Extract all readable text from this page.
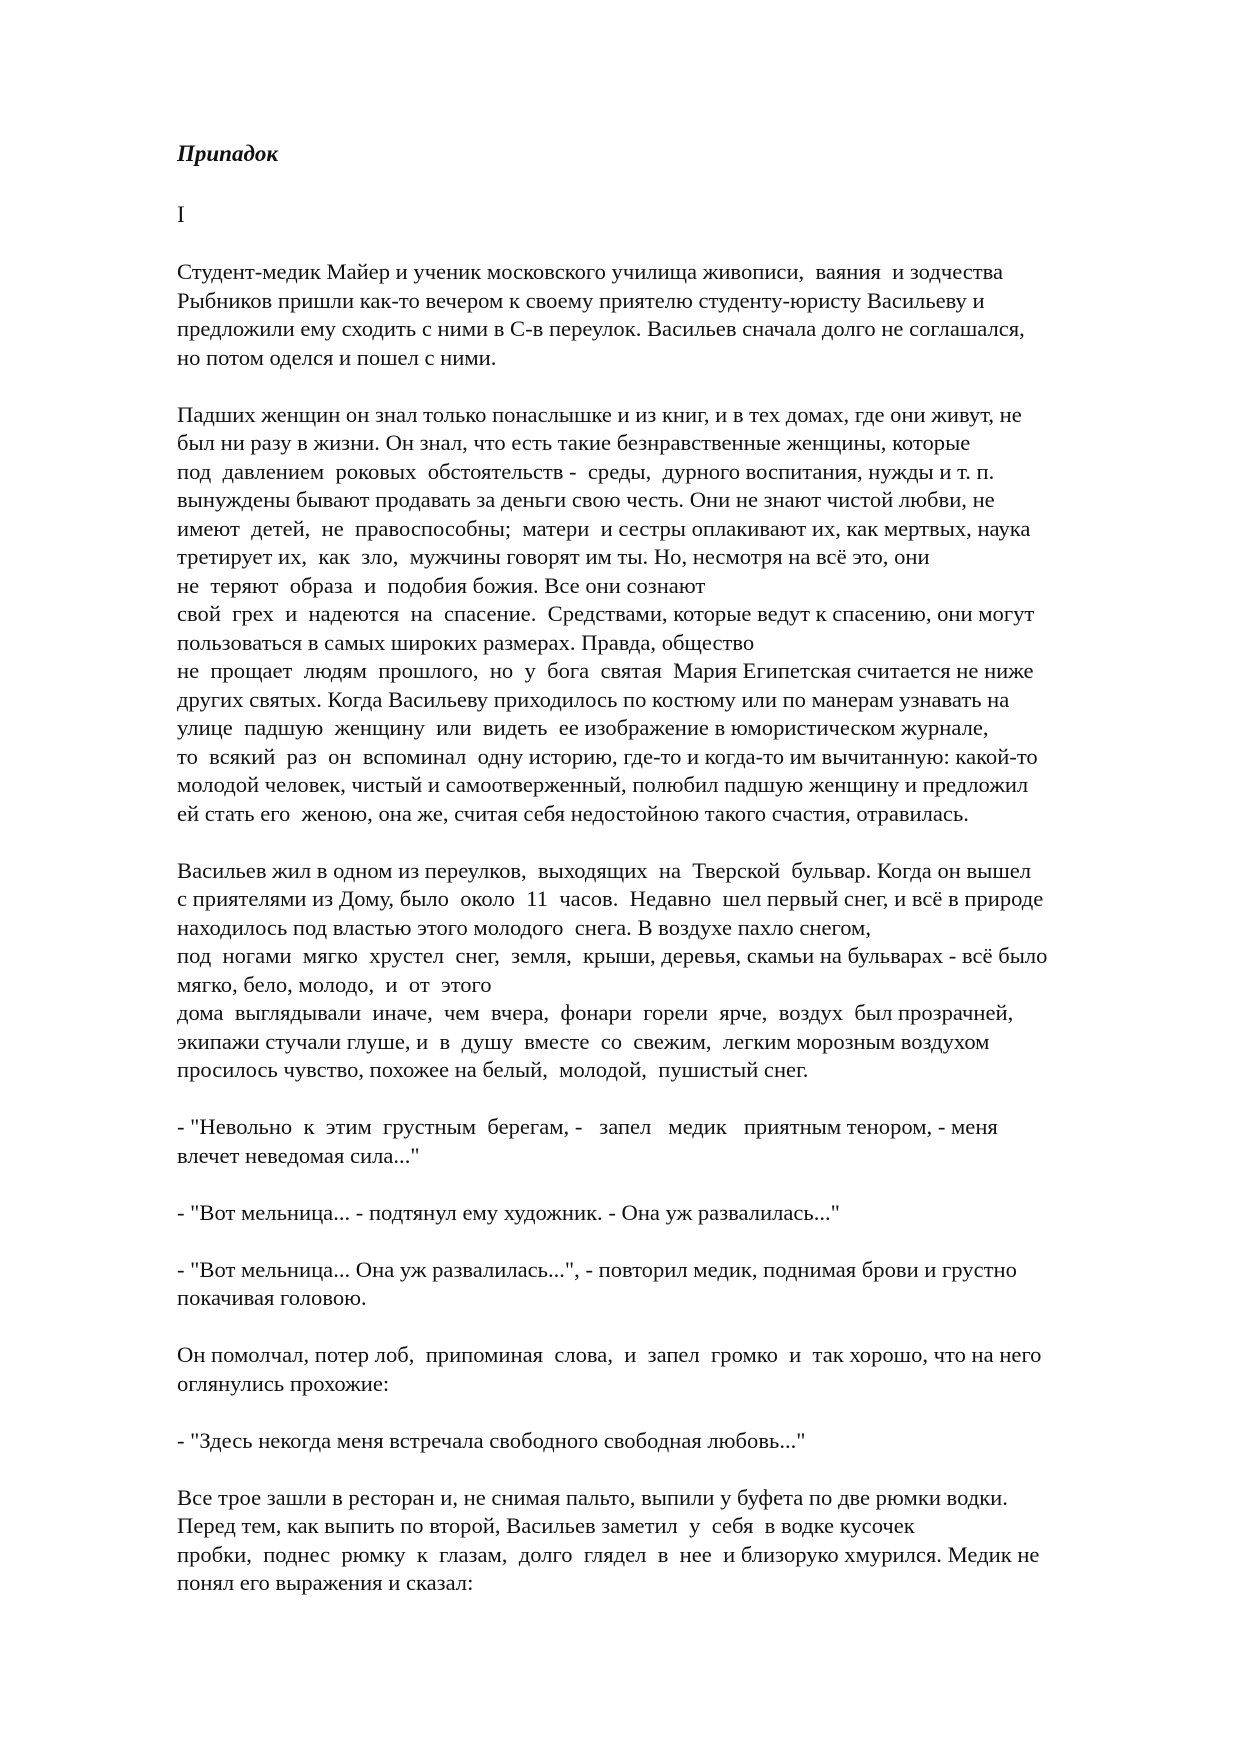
Припадок
I
Студент-медик Майер и ученик московского училища живописи,  ваяния  и зодчества
Рыбников пришли как-то вечером к своему приятелю студенту-юристу Васильеву и
предложили ему сходить с ними в С-в переулок. Васильев сначала долго не соглашался,
но потом оделся и пошел с ними.
Падших женщин он знал только понаслышке и из книг, и в тех домах, где они живут, не
был ни разу в жизни. Он знал, что есть такие безнравственные женщины, которые
под  давлением  роковых  обстоятельств -  среды,  дурного воспитания, нужды и т. п.
вынуждены бывают продавать за деньги свою честь. Они не знают чистой любви, не
имеют  детей,  не  правоспособны;  матери  и сестры оплакивают их, как мертвых, наука
третирует их,  как  зло,  мужчины говорят им ты. Но, несмотря на всё это, они
не  теряют  образа  и  подобия божия. Все они сознают
свой  грех  и  надеются  на  спасение.  Средствами, которые ведут к спасению, они могут
пользоваться в самых широких размерах. Правда, общество
не  прощает  людям  прошлого,  но  у  бога  святая  Мария Египетская считается не ниже
других святых. Когда Васильеву приходилось по костюму или по манерам узнавать на
улице  падшую  женщину  или  видеть  ее изображение в юмористическом журнале,
то  всякий  раз  он  вспоминал  одну историю, где-то и когда-то им вычитанную: какой-то
молодой человек, чистый и самоотверженный, полюбил падшую женщину и предложил
ей стать его  женою, она же, считая себя недостойною такого счастия, отравилась.
Васильев жил в одном из переулков,  выходящих  на  Тверской  бульвар. Когда он вышел
с приятелями из Дому, было  около  11  часов.  Недавно  шел первый снег, и всё в природе
находилось под властью этого молодого  снега. В воздухе пахло снегом,
под  ногами  мягко  хрустел  снег,  земля,  крыши, деревья, скамьи на бульварах - всё было
мягко, бело, молодо,  и  от  этого
дома  выглядывали  иначе,  чем  вчера,  фонари  горели  ярче,  воздух  был прозрачней,
экипажи стучали глуше, и  в  душу  вместе  со  свежим,  легким морозным воздухом
просилось чувство, похожее на белый,  молодой,  пушистый снег.
- "Невольно  к  этим  грустным  берегам, -   запел   медик   приятным тенором, - меня
влечет неведомая сила..."
- "Вот мельница... - подтянул ему художник. - Она уж развалилась..."
- "Вот мельница... Она уж развалилась...", - повторил медик, поднимая брови и грустно
покачивая головою.
Он помолчал, потер лоб,  припоминая  слова,  и  запел  громко  и  так хорошо, что на него
оглянулись прохожие:
- "Здесь некогда меня встречала свободного свободная любовь..."
Все трое зашли в ресторан и, не снимая пальто, выпили у буфета по две рюмки водки.
Перед тем, как выпить по второй, Васильев заметил  у  себя  в водке кусочек
пробки,  поднес  рюмку  к  глазам,  долго  глядел  в  нее  и близоруко хмурился. Медик не
понял его выражения и сказал:
